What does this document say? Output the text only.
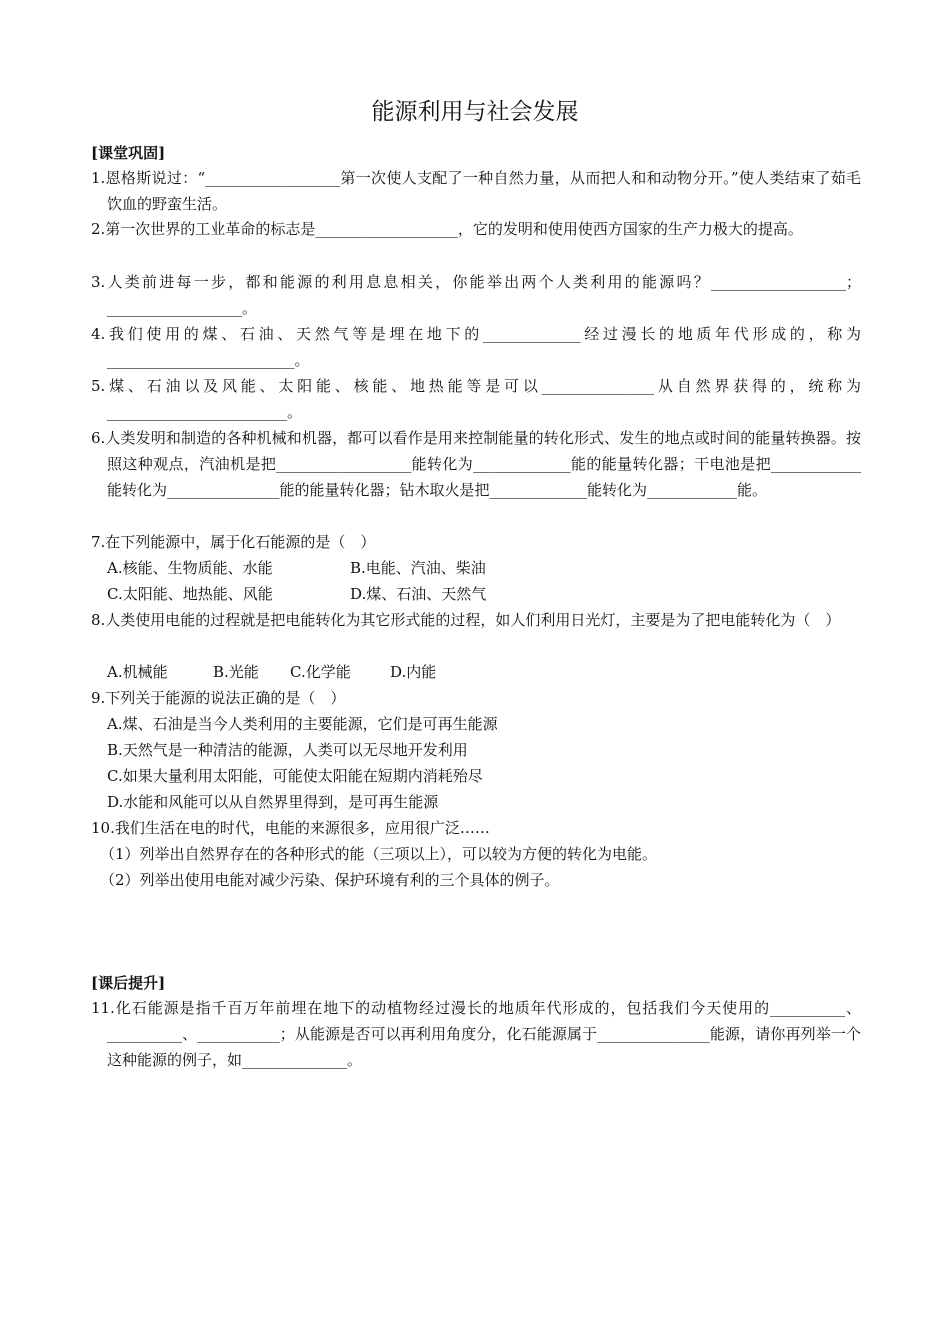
能源利用与社会发展
[课堂巩固]
1.恩格斯说过：“__________________第一次使人支配了一种自然力量，从而把人和和动物分开。”使人类结束了茹毛饮血的野蛮生活。
2.第一次世界的工业革命的标志是___________________，它的发明和使用使西方国家的生产力极大的提高。
3.人类前进每一步，都和能源的利用息息相关，你能举出两个人类利用的能源吗？__________________；__________________。
4.我们使用的煤、石油、天然气等是埋在地下的_____________经过漫长的地质年代形成的，称为_________________________。
5.煤、石油以及风能、太阳能、核能、地热能等是可以_______________从自然界获得的，统称为 ________________________。
6.人类发明和制造的各种机械和机器，都可以看作是用来控制能量的转化形式、发生的地点或时间的能量转换器。按照这种观点，汽油机是把__________________能转化为_____________能的能量转化器；干电池是把____________能转化为_______________能的能量转化器；钻木取火是把_____________能转化为____________能。
7.在下列能源中，属于化石能源的是（　）
A.核能、生物质能、水能	B.电能、汽油、柴油
C.太阳能、地热能、风能	D.煤、石油、天然气
8.人类使用电能的过程就是把电能转化为其它形式能的过程，如人们利用日光灯，主要是为了把电能转化为（　）
A.机械能	B.光能 C.化学能	D.内能
9.下列关于能源的说法正确的是（　）
A.煤、石油是当今人类利用的主要能源，它们是可再生能源
B.天然气是一种清洁的能源，人类可以无尽地开发利用
C.如果大量利用太阳能，可能使太阳能在短期内消耗殆尽
D.水能和风能可以从自然界里得到，是可再生能源
10.我们生活在电的时代，电能的来源很多，应用很广泛……
（1）列举出自然界存在的各种形式的能（三项以上），可以较为方便的转化为电能。
（2）列举出使用电能对减少污染、保护环境有利的三个具体的例子。
[课后提升]
11.化石能源是指千百万年前埋在地下的动植物经过漫长的地质年代形成的，包括我们今天使用的__________、__________、___________；从能源是否可以再利用角度分，化石能源属于_______________能源，请你再列举一个这种能源的例子，如______________。
